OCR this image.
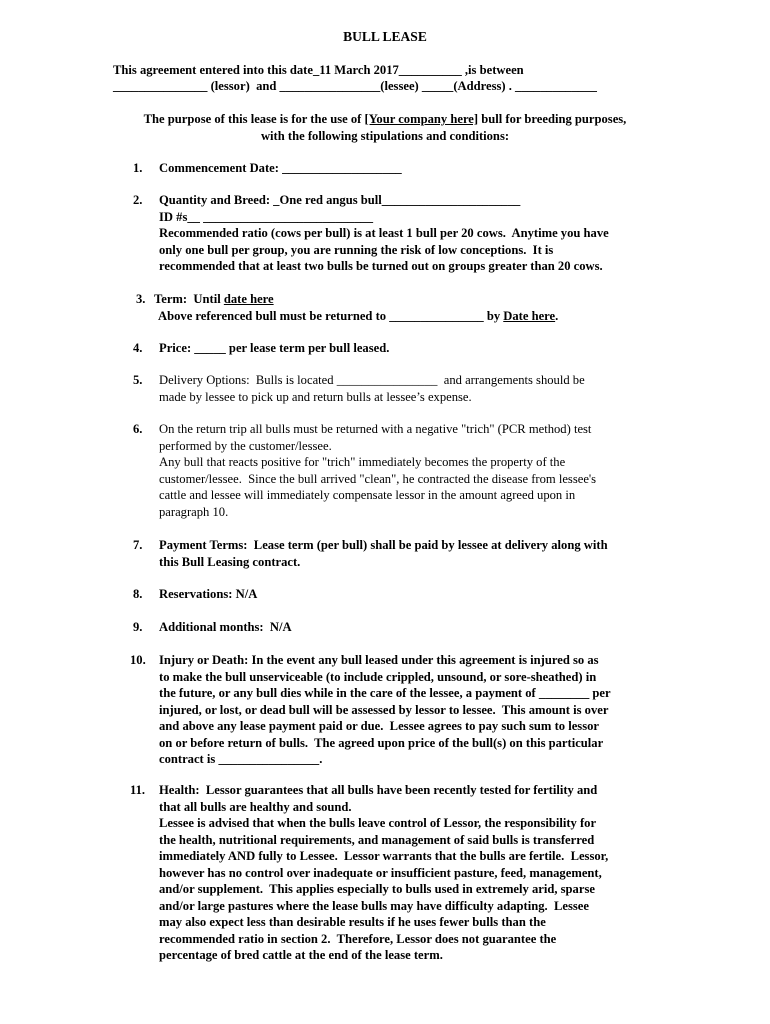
BULL LEASE
This agreement entered into this date_11 March 2017__________ ,is between
_______________ (lessor)  and ________________(lessee) _____(Address) . _____________
The purpose of this lease is for the use of [Your company here] bull for breeding purposes,
with the following stipulations and conditions:
1.	Commencement Date: ___________________
2.	Quantity and Breed: _One red angus bull______________________
ID #s__ ___________________________
Recommended ratio (cows per bull) is at least 1 bull per 20 cows.  Anytime you have
only one bull per group, you are running the risk of low conceptions.  It is
recommended that at least two bulls be turned out on groups greater than 20 cows.
3. Term:  Until date here
Above referenced bull must be returned to _______________ by Date here.
4.	Price: _____ per lease term per bull leased.
5.	Delivery Options:  Bulls is located ________________  and arrangements should be
made by lessee to pick up and return bulls at lessee’s expense.
6.	On the return trip all bulls must be returned with a negative "trich" (PCR method) test
performed by the customer/lessee.
Any bull that reacts positive for "trich" immediately becomes the property of the
customer/lessee.  Since the bull arrived "clean", he contracted the disease from lessee's
cattle and lessee will immediately compensate lessor in the amount agreed upon in
paragraph 10.
7.	Payment Terms:  Lease term (per bull) shall be paid by lessee at delivery along with
this Bull Leasing contract.
8.	Reservations: N/A
9.	Additional months:  N/A
10.	Injury or Death: In the event any bull leased under this agreement is injured so as
to make the bull unserviceable (to include crippled, unsound, or sore-sheathed) in
the future, or any bull dies while in the care of the lessee, a payment of ________ per
injured, or lost, or dead bull will be assessed by lessor to lessee.  This amount is over
and above any lease payment paid or due.  Lessee agrees to pay such sum to lessor
on or before return of bulls.  The agreed upon price of the bull(s) on this particular
contract is ________________.
11.	Health:  Lessor guarantees that all bulls have been recently tested for fertility and
that all bulls are healthy and sound.
Lessee is advised that when the bulls leave control of Lessor, the responsibility for
the health, nutritional requirements, and management of said bulls is transferred
immediately AND fully to Lessee.  Lessor warrants that the bulls are fertile.  Lessor,
however has no control over inadequate or insufficient pasture, feed, management,
and/or supplement.  This applies especially to bulls used in extremely arid, sparse
and/or large pastures where the lease bulls may have difficulty adapting.  Lessee
may also expect less than desirable results if he uses fewer bulls than the
recommended ratio in section 2.  Therefore, Lessor does not guarantee the
percentage of bred cattle at the end of the lease term.
